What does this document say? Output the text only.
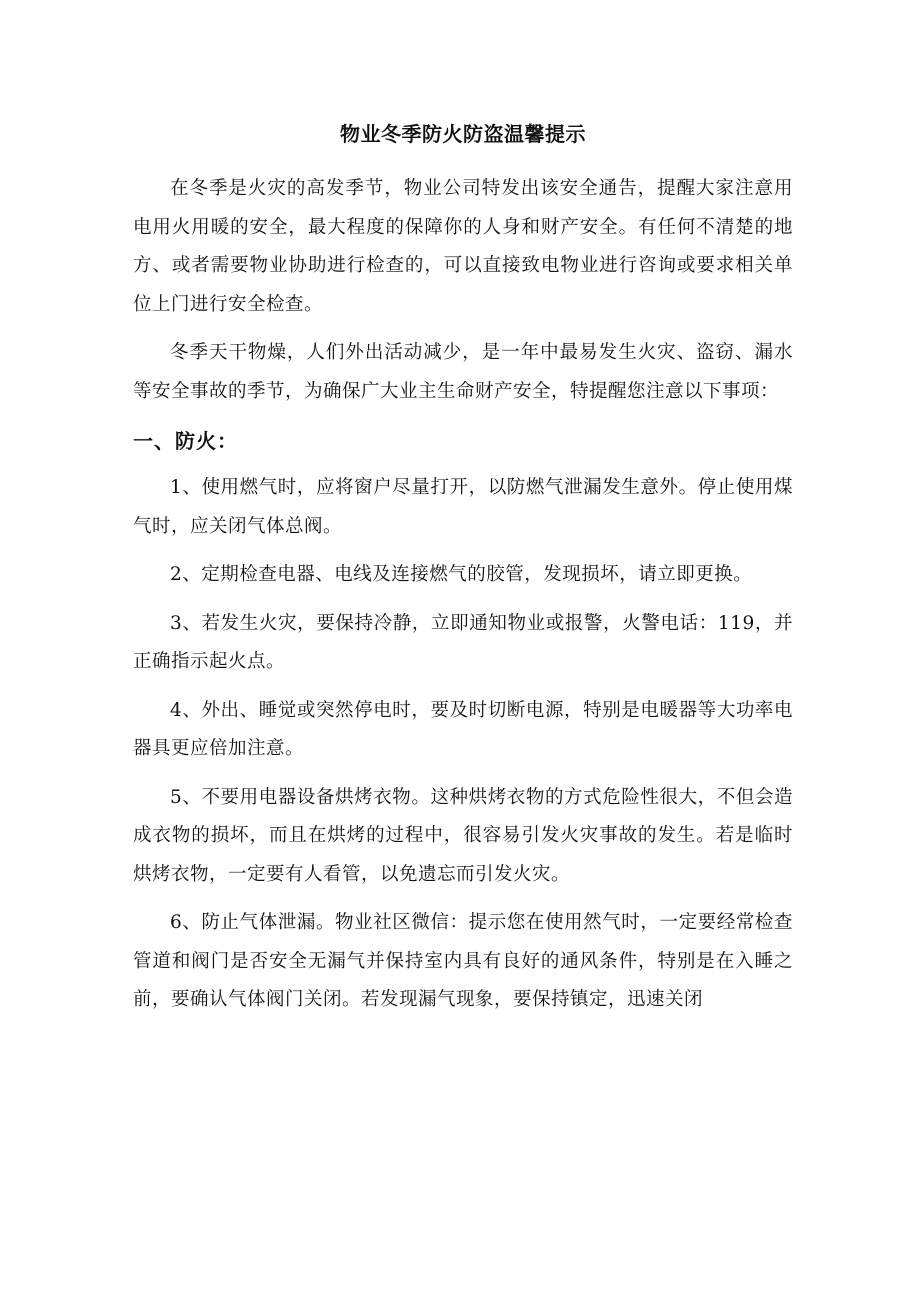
物业冬季防火防盗温馨提示

在冬季是火灾的高发季节，物业公司特发出该安全通告，提醒大家注意用电用火用暖的安全，最大程度的保障你的人身和财产安全。有任何不清楚的地方、或者需要物业协助进行检查的，可以直接致电物业进行咨询或要求相关单位上门进行安全检查。

冬季天干物燥，人们外出活动减少，是一年中最易发生火灾、盗窃、漏水等安全事故的季节，为确保广大业主生命财产安全，特提醒您注意以下事项：

一、防火：

1、使用燃气时，应将窗户尽量打开，以防燃气泄漏发生意外。停止使用煤气时，应关闭气体总阀。

2、定期检查电器、电线及连接燃气的胶管，发现损坏，请立即更换。

3、若发生火灾，要保持冷静，立即通知物业或报警，火警电话：119，并正确指示起火点。

4、外出、睡觉或突然停电时，要及时切断电源，特别是电暖器等大功率电器具更应倍加注意。

5、不要用电器设备烘烤衣物。这种烘烤衣物的方式危险性很大，不但会造成衣物的损坏，而且在烘烤的过程中，很容易引发火灾事故的发生。若是临时烘烤衣物，一定要有人看管，以免遗忘而引发火灾。

6、防止气体泄漏。物业社区微信：提示您在使用然气时，一定要经常检查管道和阀门是否安全无漏气并保持室内具有良好的通风条件，特别是在入睡之前，要确认气体阀门关闭。若发现漏气现象，要保持镇定，迅速关闭
